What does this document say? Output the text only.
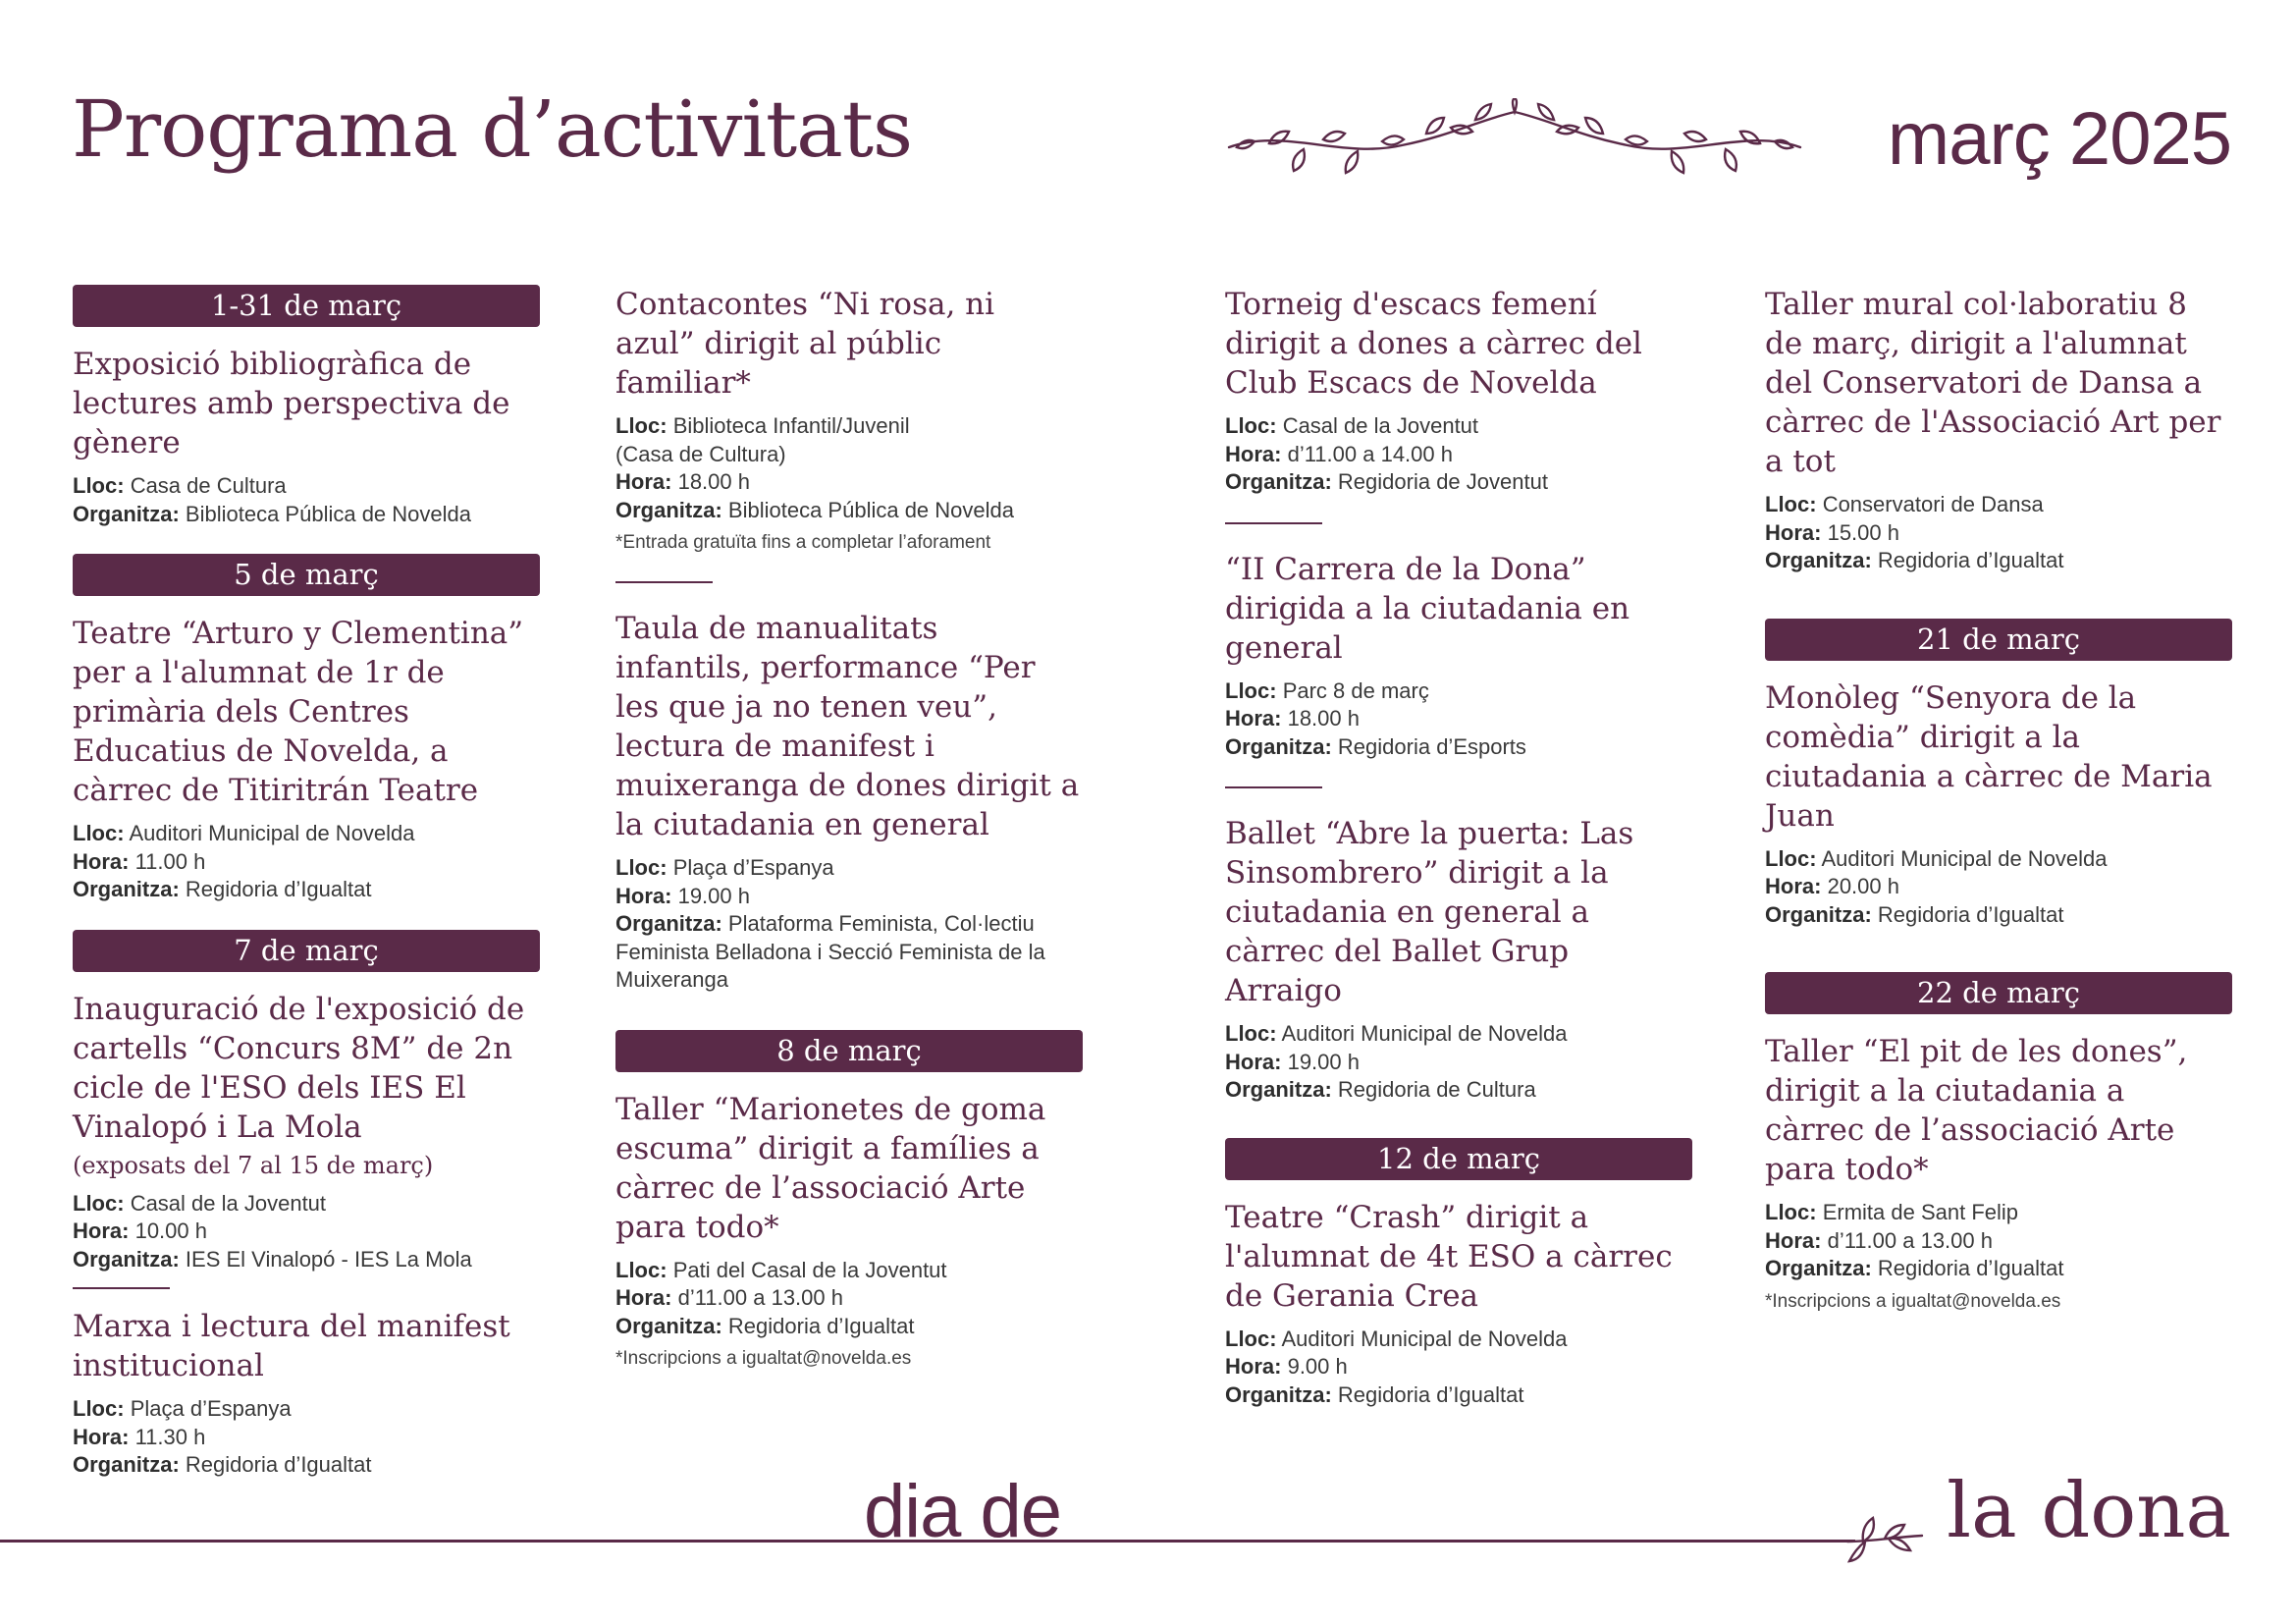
Programa d’activitats	març 2025
1-31 de març
Exposició bibliogràfica de lectures amb perspectiva de gènere
Lloc: Casa de Cultura
Organitza: Biblioteca Pública de Novelda
5 de març
Teatre “Arturo y Clementina” per a l'alumnat de 1r de primària dels Centres Educatius de Novelda, a càrrec de Titiritrán Teatre
Lloc: Auditori Municipal de Novelda
Hora: 11.00 h
Organitza: Regidoria d’Igualtat
7 de març
Inauguració de l'exposició de cartells “Concurs 8M” de 2n cicle de l'ESO dels IES El Vinalopó i La Mola
(exposats del 7 al 15 de març)
Lloc: Casal de la Joventut
Hora: 10.00 h
Organitza: IES El Vinalopó - IES La Mola
Marxa i lectura del manifest institucional
Lloc: Plaça d’Espanya
Hora: 11.30 h
Organitza: Regidoria d’Igualtat
Contacontes “Ni rosa, ni azul” dirigit al públic familiar*
Lloc: Biblioteca Infantil/Juvenil
(Casa de Cultura)
Hora: 18.00 h
Organitza: Biblioteca Pública de Novelda
*Entrada gratuïta fins a completar l’aforament
Taula de manualitats infantils, performance “Per les que ja no tenen veu”, lectura de manifest i muixeranga de dones dirigit a la ciutadania en general
Lloc: Plaça d’Espanya
Hora: 19.00 h
Organitza: Plataforma Feminista, Col·lectiu Feminista Belladona i Secció Feminista de la Muixeranga
8 de març
Taller “Marionetes de goma escuma” dirigit a famílies a càrrec de l’associació Arte para todo*
Lloc: Pati del Casal de la Joventut
Hora: d’11.00 a 13.00 h
Organitza: Regidoria d’Igualtat
*Inscripcions a igualtat@novelda.es
Torneig d'escacs femení dirigit a dones a càrrec del Club Escacs de Novelda
Lloc: Casal de la Joventut
Hora: d’11.00 a 14.00 h
Organitza: Regidoria de Joventut
“II Carrera de la Dona” dirigida a la ciutadania en general
Lloc: Parc 8 de març
Hora: 18.00 h
Organitza: Regidoria d’Esports
Ballet “Abre la puerta: Las Sinsombrero” dirigit a la ciutadania en general a càrrec del Ballet Grup Arraigo
Lloc: Auditori Municipal de Novelda
Hora: 19.00 h
Organitza: Regidoria de Cultura
12 de març
Teatre “Crash” dirigit a l'alumnat de 4t ESO a càrrec de Gerania Crea
Lloc: Auditori Municipal de Novelda
Hora: 9.00 h
Organitza: Regidoria d’Igualtat
Taller mural col·laboratiu 8 de març, dirigit a l'alumnat del Conservatori de Dansa a càrrec de l'Associació Art per a tot
Lloc: Conservatori de Dansa
Hora: 15.00 h
Organitza: Regidoria d’Igualtat
21 de març
Monòleg “Senyora de la comèdia” dirigit a la ciutadania a càrrec de Maria Juan
Lloc: Auditori Municipal de Novelda
Hora: 20.00 h
Organitza: Regidoria d’Igualtat
22 de març
Taller “El pit de les dones”, dirigit a la ciutadania a càrrec de l’associació Arte para todo*
Lloc: Ermita de Sant Felip
Hora: d’11.00 a 13.00 h
Organitza: Regidoria d’Igualtat
*Inscripcions a igualtat@novelda.es
dia de	la dona
